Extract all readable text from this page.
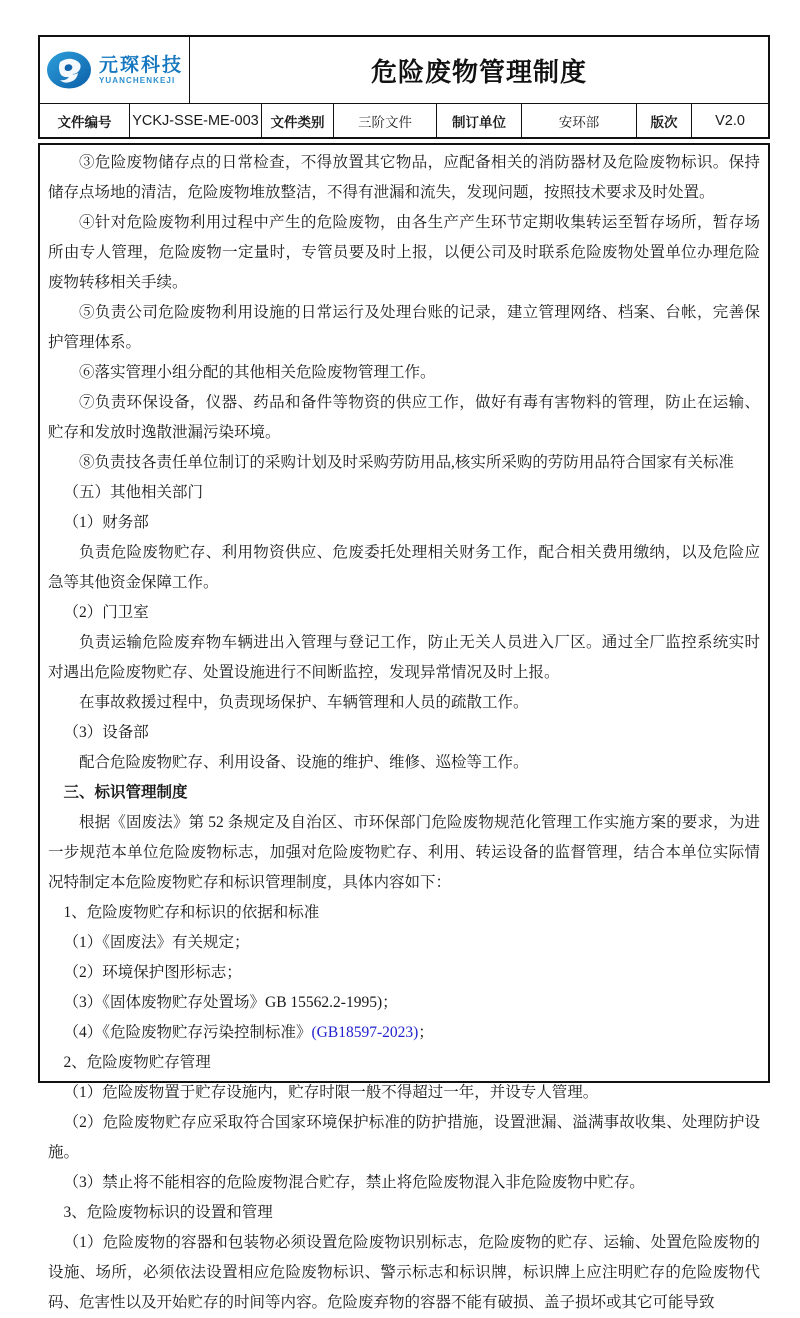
元琛科技
YUANCHENKEJI	危险废物管理制度
文件编号	YCKJ-SSE-ME-003 文件类别	三阶文件	制订单位	安环部	版次	V2.0

③危险废物储存点的日常检查，不得放置其它物品，应配备相关的消防器材及危险废物标识。保持储存点场地的清洁，危险废物堆放整洁，不得有泄漏和流失，发现问题，按照技术要求及时处置。

④针对危险废物利用过程中产生的危险废物，由各生产产生环节定期收集转运至暂存场所，暂存场所由专人管理，危险废物一定量时，专管员要及时上报，以便公司及时联系危险废物处置单位办理危险废物转移相关手续。

⑤负责公司危险废物利用设施的日常运行及处理台账的记录，建立管理网络、档案、台帐，完善保护管理体系。

⑥落实管理小组分配的其他相关危险废物管理工作。

⑦负责环保设备，仪器、药品和备件等物资的供应工作，做好有毒有害物料的管理，防止在运输、贮存和发放时逸散泄漏污染环境。

⑧负责技各责任单位制订的采购计划及时采购劳防用品,核实所采购的劳防用品符合国家有关标准

（五）其他相关部门

（1）财务部

负责危险废物贮存、利用物资供应、危废委托处理相关财务工作，配合相关费用缴纳，以及危险应急等其他资金保障工作。

（2）门卫室

负责运输危险废弃物车辆进出入管理与登记工作，防止无关人员进入厂区。通过全厂监控系统实时对遇出危险废物贮存、处置设施进行不间断监控，发现异常情况及时上报。

在事故救援过程中，负责现场保护、车辆管理和人员的疏散工作。

（3）设备部

配合危险废物贮存、利用设备、设施的维护、维修、巡检等工作。

三、标识管理制度

根据《固废法》第 52 条规定及自治区、市环保部门危险废物规范化管理工作实施方案的要求，为进一步规范本单位危险废物标志，加强对危险废物贮存、利用、转运设备的监督管理，结合本单位实际情况特制定本危险废物贮存和标识管理制度，具体内容如下：

1、危险废物贮存和标识的依据和标准

（1）《固废法》有关规定；

（2）环境保护图形标志；

（3）《固体废物贮存处置场》GB 15562.2-1995)；

（4）《危险废物贮存污染控制标准》(GB18597-2023)；

2、危险废物贮存管理

（1）危险废物置于贮存设施内，贮存时限一般不得超过一年，并设专人管理。

（2）危险废物贮存应采取符合国家环境保护标准的防护措施，设置泄漏、溢满事故收集、处理防护设施。

（3）禁止将不能相容的危险废物混合贮存，禁止将危险废物混入非危险废物中贮存。

3、危险废物标识的设置和管理

（1）危险废物的容器和包装物必须设置危险废物识别标志，危险废物的贮存、运输、处置危险废物的设施、场所，必须依法设置相应危险废物标识、警示标志和标识牌，标识牌上应注明贮存的危险废物代码、危害性以及开始贮存的时间等内容。危险废弃物的容器不能有破损、盖子损坏或其它可能导致
